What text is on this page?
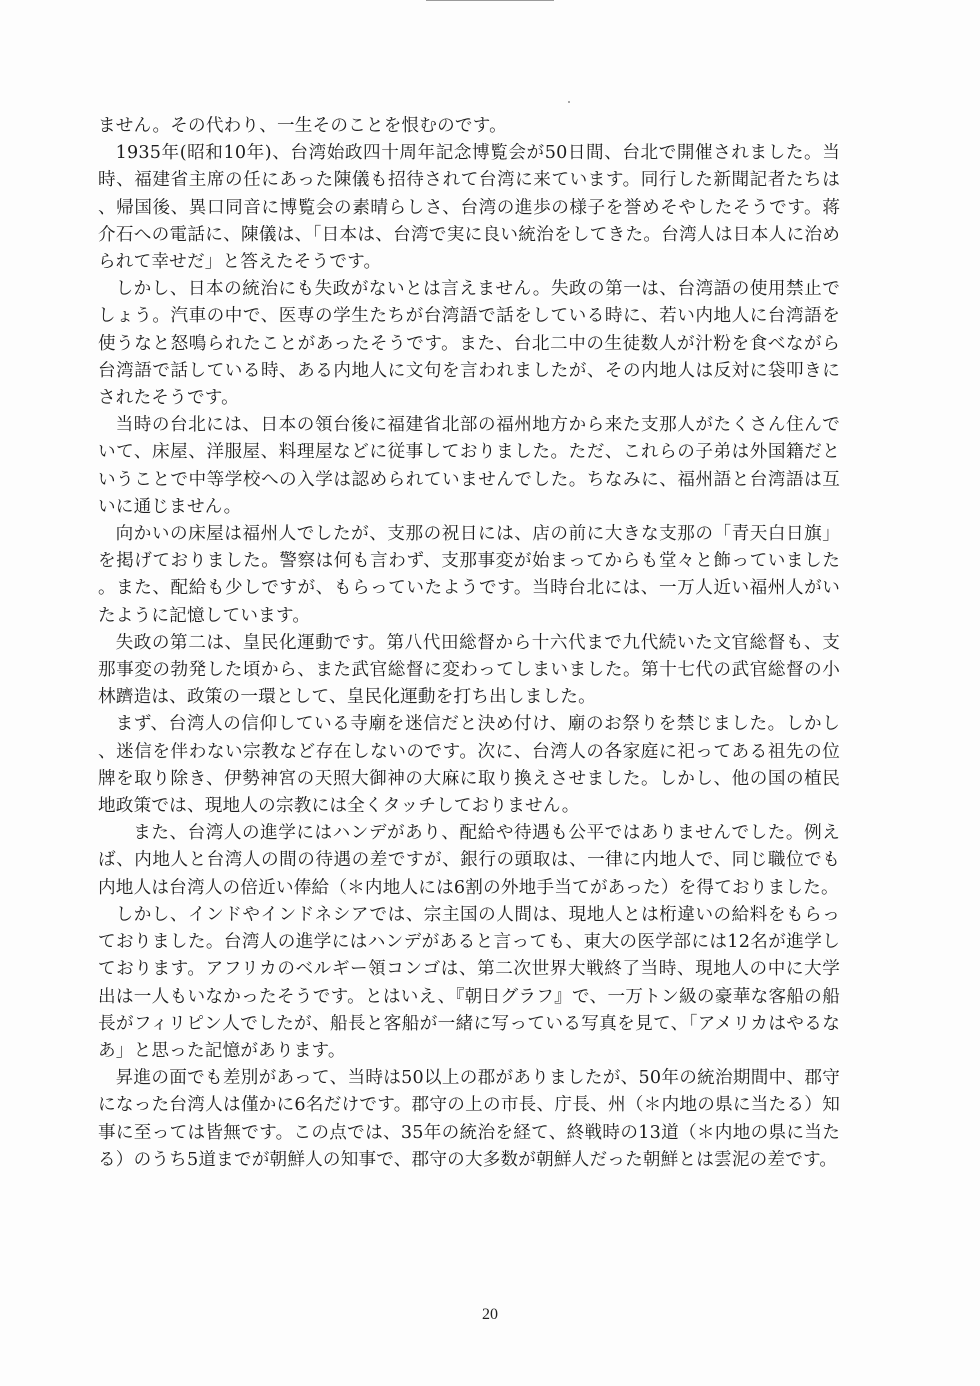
ません。その代わり、一生そのことを恨むのです。

1935年(昭和10年)、台湾始政四十周年記念博覧会が50日間、台北で開催されました。当時、福建省主席の任にあった陳儀も招待されて台湾に来ています。同行した新聞記者たちは、帰国後、異口同音に博覧会の素晴らしさ、台湾の進歩の様子を誉めそやしたそうです。蒋介石への電話に、陳儀は、「日本は、台湾で実に良い統治をしてきた。台湾人は日本人に治められて幸せだ」と答えたそうです。

しかし、日本の統治にも失政がないとは言えません。失政の第一は、台湾語の使用禁止でしょう。汽車の中で、医専の学生たちが台湾語で話をしている時に、若い内地人に台湾語を使うなと怒鳴られたことがあったそうです。また、台北二中の生徒数人が汁粉を食べながら台湾語で話している時、ある内地人に文句を言われましたが、その内地人は反対に袋叩きにされたそうです。

当時の台北には、日本の領台後に福建省北部の福州地方から来た支那人がたくさん住んでいて、床屋、洋服屋、料理屋などに従事しておりました。ただ、これらの子弟は外国籍だということで中等学校への入学は認められていませんでした。ちなみに、福州語と台湾語は互いに通じません。

向かいの床屋は福州人でしたが、支那の祝日には、店の前に大きな支那の「青天白日旗」を掲げておりました。警察は何も言わず、支那事変が始まってからも堂々と飾っていました。また、配給も少しですが、もらっていたようです。当時台北には、一万人近い福州人がいたように記憶しています。

失政の第二は、皇民化運動です。第八代田総督から十六代まで九代続いた文官総督も、支那事変の勃発した頃から、また武官総督に変わってしまいました。第十七代の武官総督の小林躋造は、政策の一環として、皇民化運動を打ち出しました。

まず、台湾人の信仰している寺廟を迷信だと決め付け、廟のお祭りを禁じました。しかし、迷信を伴わない宗教など存在しないのです。次に、台湾人の各家庭に祀ってある祖先の位牌を取り除き、伊勢神宮の天照大御神の大麻に取り換えさせました。しかし、他の国の植民地政策では、現地人の宗教には全くタッチしておりません。

また、台湾人の進学にはハンデがあり、配給や待遇も公平ではありませんでした。例えば、内地人と台湾人の間の待遇の差ですが、銀行の頭取は、一律に内地人で、同じ職位でも内地人は台湾人の倍近い俸給（＊内地人には6割の外地手当てがあった）を得ておりました。

しかし、インドやインドネシアでは、宗主国の人間は、現地人とは桁違いの給料をもらっておりました。台湾人の進学にはハンデがあると言っても、東大の医学部には12名が進学しております。アフリカのベルギー領コンゴは、第二次世界大戦終了当時、現地人の中に大学出は一人もいなかったそうです。とはいえ、『朝日グラフ』で、一万トン級の豪華な客船の船長がフィリピン人でしたが、船長と客船が一緒に写っている写真を見て、「アメリカはやるなあ」と思った記憶があります。

昇進の面でも差別があって、当時は50以上の郡がありましたが、50年の統治期間中、郡守になった台湾人は僅かに6名だけです。郡守の上の市長、庁長、州（＊内地の県に当たる）知事に至っては皆無です。この点では、35年の統治を経て、終戦時の13道（＊内地の県に当たる）のうち5道までが朝鮮人の知事で、郡守の大多数が朝鮮人だった朝鮮とは雲泥の差です。

20
